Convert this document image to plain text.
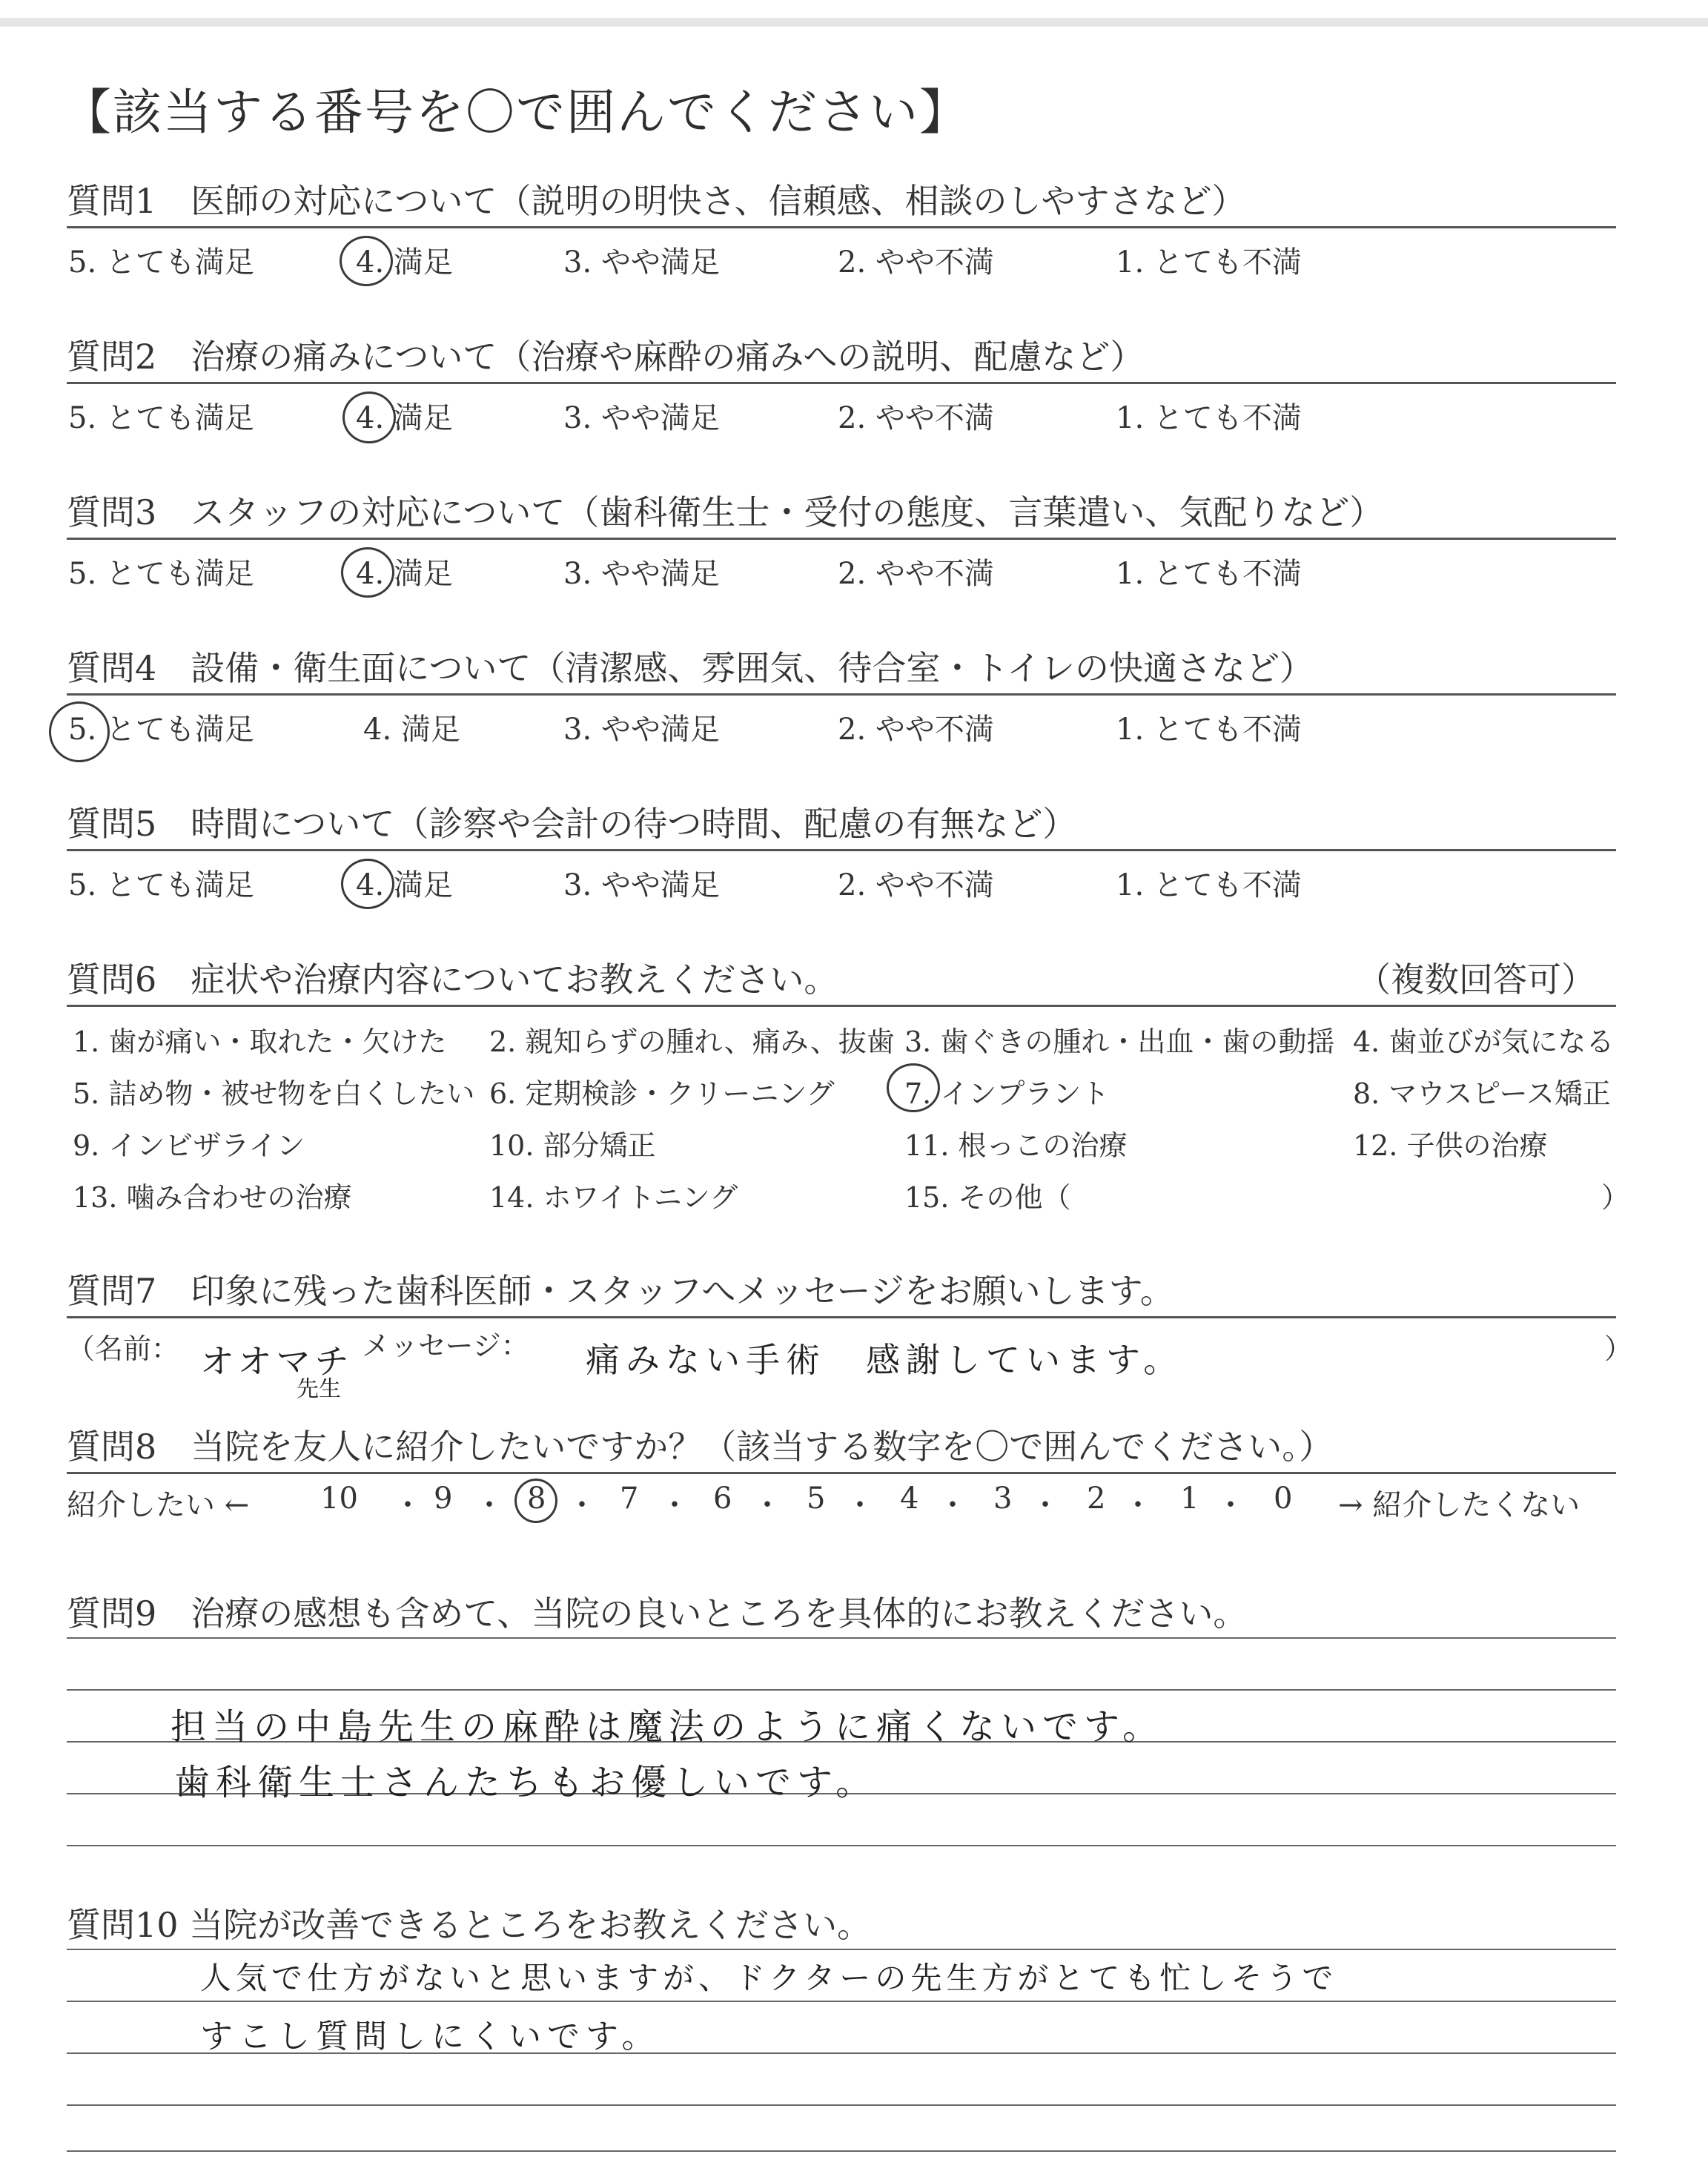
【該当する番号を〇で囲んでください】
質問1　医師の対応について（説明の明快さ、信頼感、相談のしやすさなど）
5. とても満足	4. 満足	3. やや満足	2. やや不満	1. とても不満
質問2　治療の痛みについて（治療や麻酔の痛みへの説明、配慮など）
5. とても満足	4. 満足	3. やや満足	2. やや不満	1. とても不満
質問3　スタッフの対応について（歯科衛生士・受付の態度、言葉遣い、気配りなど）
5. とても満足	4. 満足	3. やや満足	2. やや不満	1. とても不満
質問4　設備・衛生面について（清潔感、雰囲気、待合室・トイレの快適さなど）
5. とても満足	4. 満足	3. やや満足	2. やや不満	1. とても不満
質問5　時間について（診察や会計の待つ時間、配慮の有無など）
5. とても満足	4. 満足	3. やや満足	2. やや不満	1. とても不満
質問6　症状や治療内容についてお教えください。	（複数回答可）
1. 歯が痛い・取れた・欠けた 2. 親知らずの腫れ、痛み、抜歯 3. 歯ぐきの腫れ・出血・歯の動揺 4. 歯並びが気になる
5. 詰め物・被せ物を白くしたい 6. 定期検診・クリーニング 7. インプラント	8. マウスピース矯正
9. インビザライン	10. 部分矯正	11. 根っこの治療	12. 子供の治療
13. 噛み合わせの治療	14. ホワイトニング	15. その他（	）
質問7　印象に残った歯科医師・スタッフへメッセージをお願いします。
（名前：	メッセージ：	）
オオマチ
先生
痛みない手術　感謝しています。
質問8　当院を友人に紹介したいですか？（該当する数字を〇で囲んでください。）
紹介したい ←	→ 紹介したくない
10 ・ 9 ・ 8 ・ 7 ・ 6 ・ 5 ・ 4 ・ 3 ・ 2 ・ 1 ・ 0
質問9　治療の感想も含めて、当院の良いところを具体的にお教えください。
担当の中島先生の麻酔は魔法のように痛くないです。
歯科衛生士さんたちもお優しいです。
質問10 当院が改善できるところをお教えください。
人気で仕方がないと思いますが、ドクターの先生方がとても忙しそうで
すこし質問しにくいです。
